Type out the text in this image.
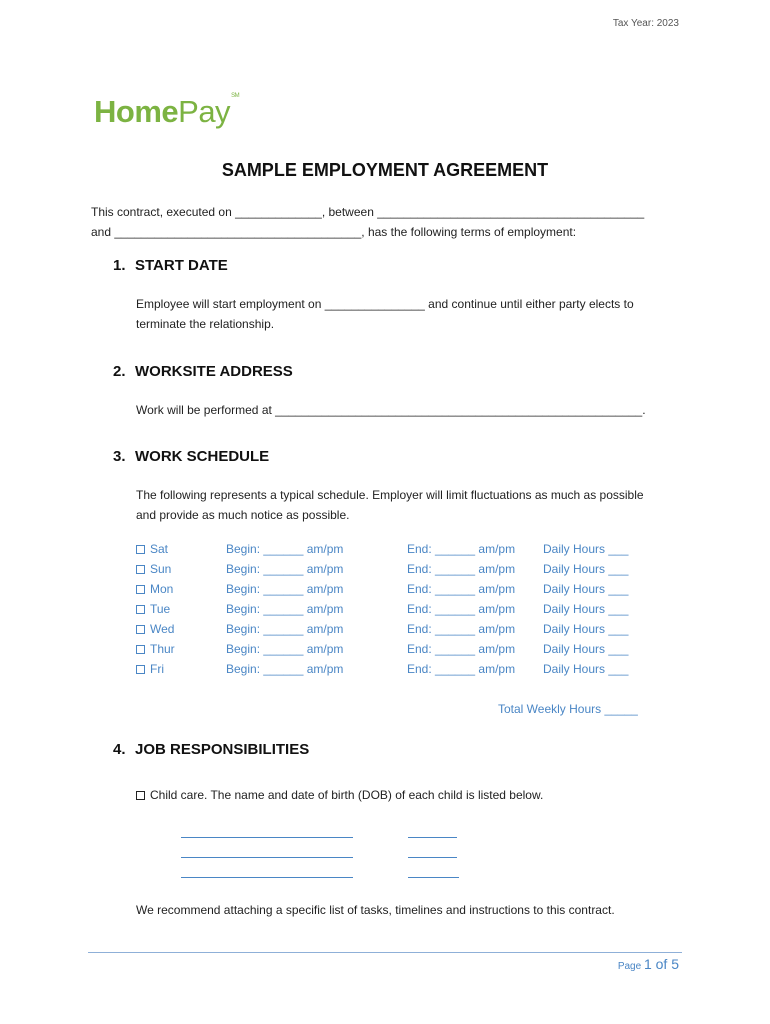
Tax Year: 2023
HomePay℠
SAMPLE EMPLOYMENT AGREEMENT
This contract, executed on _____________, between ________________________________________
and _____________________________________, has the following terms of employment:
1. START DATE
Employee will start employment on _______________ and continue until either party elects to
terminate the relationship.
2. WORKSITE ADDRESS
Work will be performed at _______________________________________________________.
3. WORK SCHEDULE
The following represents a typical schedule. Employer will limit fluctuations as much as possible
and provide as much notice as possible.
Sat	Begin: ______ am/pm	End: ______ am/pm Daily Hours ___
Sun	Begin: ______ am/pm	End: ______ am/pm Daily Hours ___
Mon	Begin: ______ am/pm	End: ______ am/pm Daily Hours ___
Tue	Begin: ______ am/pm	End: ______ am/pm Daily Hours ___
Wed	Begin: ______ am/pm	End: ______ am/pm Daily Hours ___
Thur	Begin: ______ am/pm	End: ______ am/pm Daily Hours ___
Fri	Begin: ______ am/pm	End: ______ am/pm Daily Hours ___
Total Weekly Hours _____
4. JOB RESPONSIBILITIES
Child care. The name and date of birth (DOB) of each child is listed below.
We recommend attaching a specific list of tasks, timelines and instructions to this contract.
Page 1 of 5
